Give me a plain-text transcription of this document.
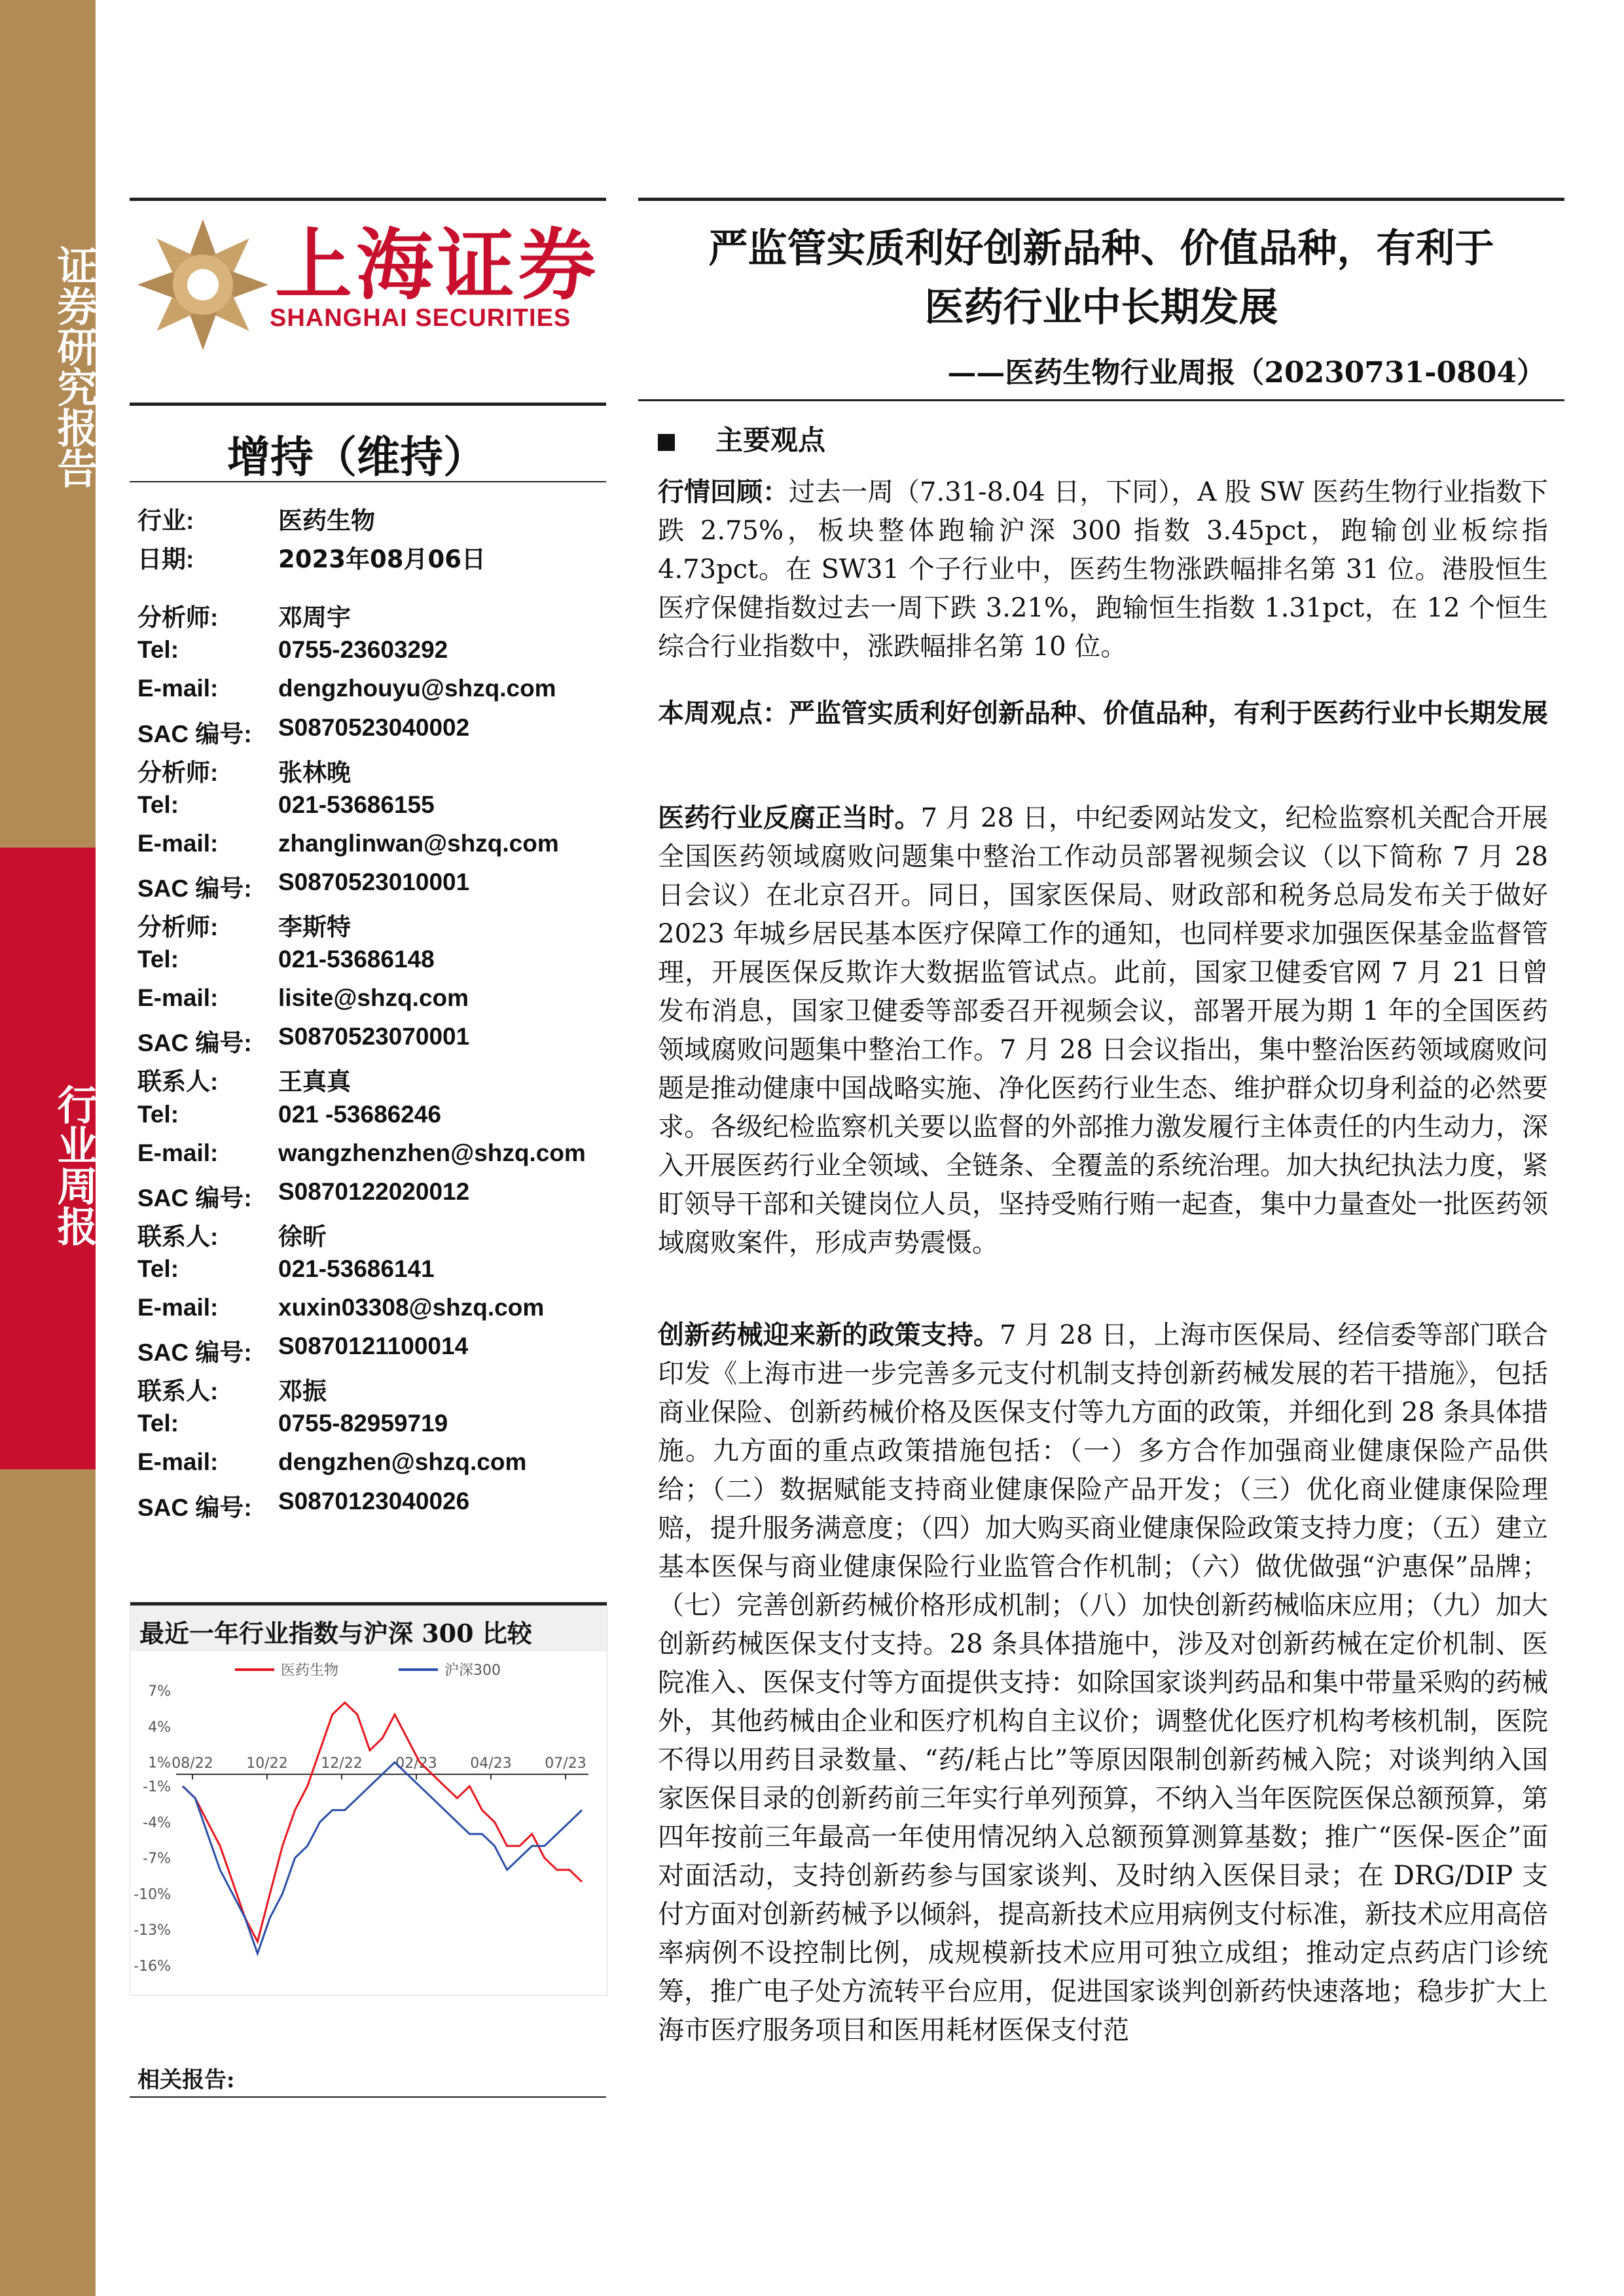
证券研究报告
行业周报
上海证券
SHANGHAI SECURITIES
严监管实质利好创新品种、价值品种，有利于
医药行业中长期发展
——医药生物行业周报（20230731-0804）
增持（维持）
行业:	医药生物
日期:	2023年08月06日
分析师:	邓周宇
Tel:	0755-23603292
E-mail:	dengzhouyu@shzq.com
SAC 编号:	S0870523040002
分析师:	张林晚
Tel:	021-53686155
E-mail:	zhanglinwan@shzq.com
SAC 编号:	S0870523010001
分析师:	李斯特
Tel:	021-53686148
E-mail:	lisite@shzq.com
SAC 编号:	S0870523070001
联系人:	王真真
Tel:	021 -53686246
E-mail:	wangzhenzhen@shzq.com
SAC 编号:	S0870122020012
联系人:	徐昕
Tel:	021-53686141
E-mail:	xuxin03308@shzq.com
SAC 编号:	S0870121100014
联系人:	邓振
Tel:	0755-82959719
E-mail:	dengzhen@shzq.com
SAC 编号:	S0870123040026
最近一年行业指数与沪深 300 比较
医药生物	沪深300
7%
4%
1%
-1%
-4%
-7%
-10%
-13%
-16%
08/22 10/22 12/22 02/23 04/23 07/23
相关报告:
主要观点
行情回顾：过去一周（7.31-8.04 日，下同），A 股 SW 医药生物行业指数下跌 2.75%，板块整体跑输沪深 300 指数 3.45pct，跑输创业板综指 4.73pct。在 SW31 个子行业中，医药生物涨跌幅排名第 31 位。港股恒生医疗保健指数过去一周下跌 3.21%，跑输恒生指数 1.31pct，在 12 个恒生综合行业指数中，涨跌幅排名第 10 位。
本周观点：严监管实质利好创新品种、价值品种，有利于医药行业中长期发展
医药行业反腐正当时。7 月 28 日，中纪委网站发文，纪检监察机关配合开展全国医药领域腐败问题集中整治工作动员部署视频会议（以下简称 7 月 28 日会议）在北京召开。同日，国家医保局、财政部和税务总局发布关于做好 2023 年城乡居民基本医疗保障工作的通知，也同样要求加强医保基金监督管理，开展医保反欺诈大数据监管试点。此前，国家卫健委官网 7 月 21 日曾发布消息，国家卫健委等部委召开视频会议，部署开展为期 1 年的全国医药领域腐败问题集中整治工作。7 月 28 日会议指出，集中整治医药领域腐败问题是推动健康中国战略实施、净化医药行业生态、维护群众切身利益的必然要求。各级纪检监察机关要以监督的外部推力激发履行主体责任的内生动力，深入开展医药行业全领域、全链条、全覆盖的系统治理。加大执纪执法力度，紧盯领导干部和关键岗位人员，坚持受贿行贿一起查，集中力量查处一批医药领域腐败案件，形成声势震慑。
创新药械迎来新的政策支持。7 月 28 日，上海市医保局、经信委等部门联合印发《上海市进一步完善多元支付机制支持创新药械发展的若干措施》，包括商业保险、创新药械价格及医保支付等九方面的政策，并细化到 28 条具体措施。九方面的重点政策措施包括：（一）多方合作加强商业健康保险产品供给；（二）数据赋能支持商业健康保险产品开发；（三）优化商业健康保险理赔，提升服务满意度；（四）加大购买商业健康保险政策支持力度；（五）建立基本医保与商业健康保险行业监管合作机制；（六）做优做强“沪惠保”品牌；（七）完善创新药械价格形成机制；（八）加快创新药械临床应用；（九）加大创新药械医保支付支持。28 条具体措施中，涉及对创新药械在定价机制、医院准入、医保支付等方面提供支持：如除国家谈判药品和集中带量采购的药械外，其他药械由企业和医疗机构自主议价；调整优化医疗机构考核机制，医院不得以用药目录数量、“药/耗占比”等原因限制创新药械入院；对谈判纳入国家医保目录的创新药前三年实行单列预算，不纳入当年医院医保总额预算，第四年按前三年最高一年使用情况纳入总额预算测算基数；推广“医保-医企”面对面活动，支持创新药参与国家谈判、及时纳入医保目录；在 DRG/DIP 支付方面对创新药械予以倾斜，提高新技术应用病例支付标准，新技术应用高倍率病例不设控制比例，成规模新技术应用可独立成组；推动定点药店门诊统筹，推广电子处方流转平台应用，促进国家谈判创新药快速落地；稳步扩大上海市医疗服务项目和医用耗材医保支付范
